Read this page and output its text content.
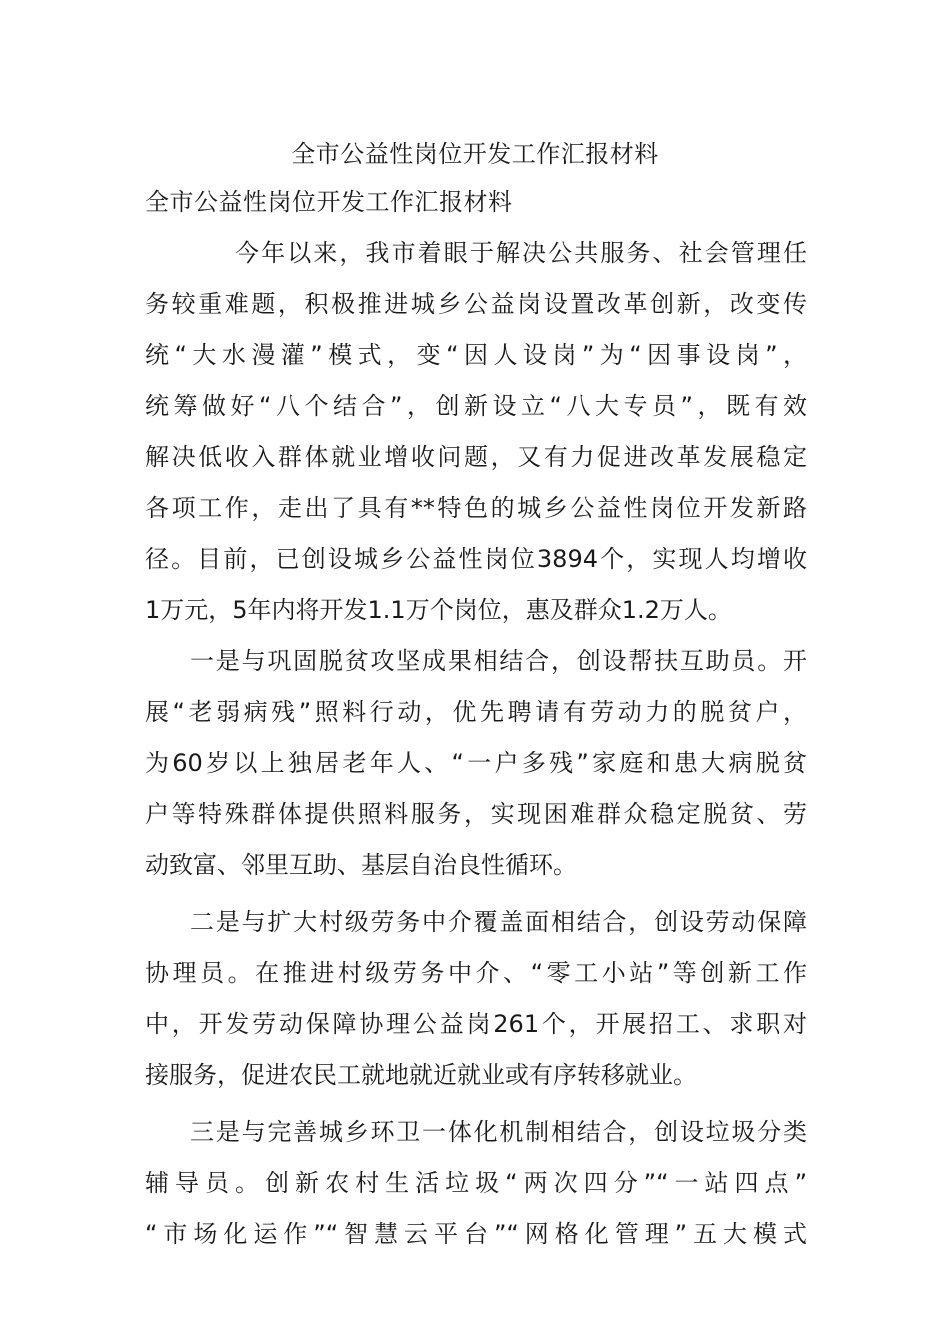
全市公益性岗位开发工作汇报材料
全市公益性岗位开发工作汇报材料
今年以来，我市着眼于解决公共服务、社会管理任
务较重难题，积极推进城乡公益岗设置改革创新，改变传
统“大水漫灌”模式，变“因人设岗”为“因事设岗”，
统筹做好“八个结合”，创新设立“八大专员”，既有效
解决低收入群体就业增收问题，又有力促进改革发展稳定
各项工作，走出了具有**特色的城乡公益性岗位开发新路
径。目前，已创设城乡公益性岗位3894个，实现人均增收
1万元，5年内将开发1.1万个岗位，惠及群众1.2万人。
一是与巩固脱贫攻坚成果相结合，创设帮扶互助员。开
展“老弱病残”照料行动，优先聘请有劳动力的脱贫户，
为60岁以上独居老年人、“一户多残”家庭和患大病脱贫
户等特殊群体提供照料服务，实现困难群众稳定脱贫、劳
动致富、邻里互助、基层自治良性循环。
二是与扩大村级劳务中介覆盖面相结合，创设劳动保障
协理员。在推进村级劳务中介、“零工小站”等创新工作
中，开发劳动保障协理公益岗261个，开展招工、求职对
接服务，促进农民工就地就近就业或有序转移就业。
三是与完善城乡环卫一体化机制相结合，创设垃圾分类
辅导员。创新农村生活垃圾“两次四分”“一站四点”
“市场化运作”“智慧云平台”“网格化管理”五大模式
